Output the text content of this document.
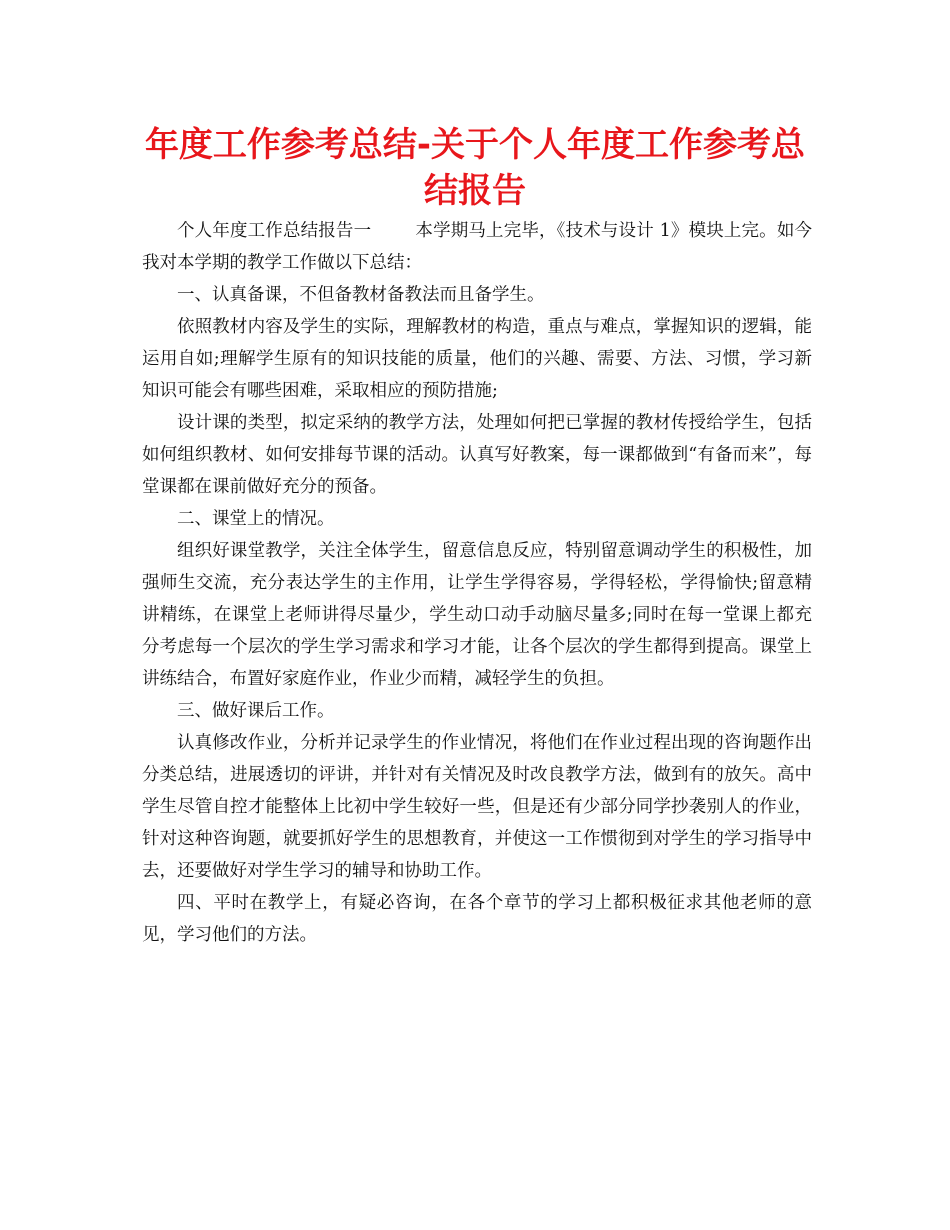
年度工作参考总结-关于个人年度工作参考总结报告

个人年度工作总结报告一	本学期马上完毕，《技术与设计 1》模块上完。如今我对本学期的教学工作做以下总结：

一、认真备课，不但备教材备教法而且备学生。

依照教材内容及学生的实际，理解教材的构造，重点与难点，掌握知识的逻辑，能运用自如;理解学生原有的知识技能的质量，他们的兴趣、需要、方法、习惯，学习新知识可能会有哪些困难，采取相应的预防措施;

设计课的类型，拟定采纳的教学方法，处理如何把已掌握的教材传授给学生，包括如何组织教材、如何安排每节课的活动。认真写好教案，每一课都做到“有备而来”，每堂课都在课前做好充分的预备。

二、课堂上的情况。

组织好课堂教学，关注全体学生，留意信息反应，特别留意调动学生的积极性，加强师生交流，充分表达学生的主作用，让学生学得容易，学得轻松，学得愉快;留意精讲精练，在课堂上老师讲得尽量少，学生动口动手动脑尽量多;同时在每一堂课上都充分考虑每一个层次的学生学习需求和学习才能，让各个层次的学生都得到提高。课堂上讲练结合，布置好家庭作业，作业少而精，减轻学生的负担。

三、做好课后工作。

认真修改作业，分析并记录学生的作业情况，将他们在作业过程出现的咨询题作出分类总结，进展透切的评讲，并针对有关情况及时改良教学方法，做到有的放矢。高中学生尽管自控才能整体上比初中学生较好一些，但是还有少部分同学抄袭别人的作业，针对这种咨询题，就要抓好学生的思想教育，并使这一工作惯彻到对学生的学习指导中去，还要做好对学生学习的辅导和协助工作。

四、平时在教学上，有疑必咨询，在各个章节的学习上都积极征求其他老师的意见，学习他们的方法。
